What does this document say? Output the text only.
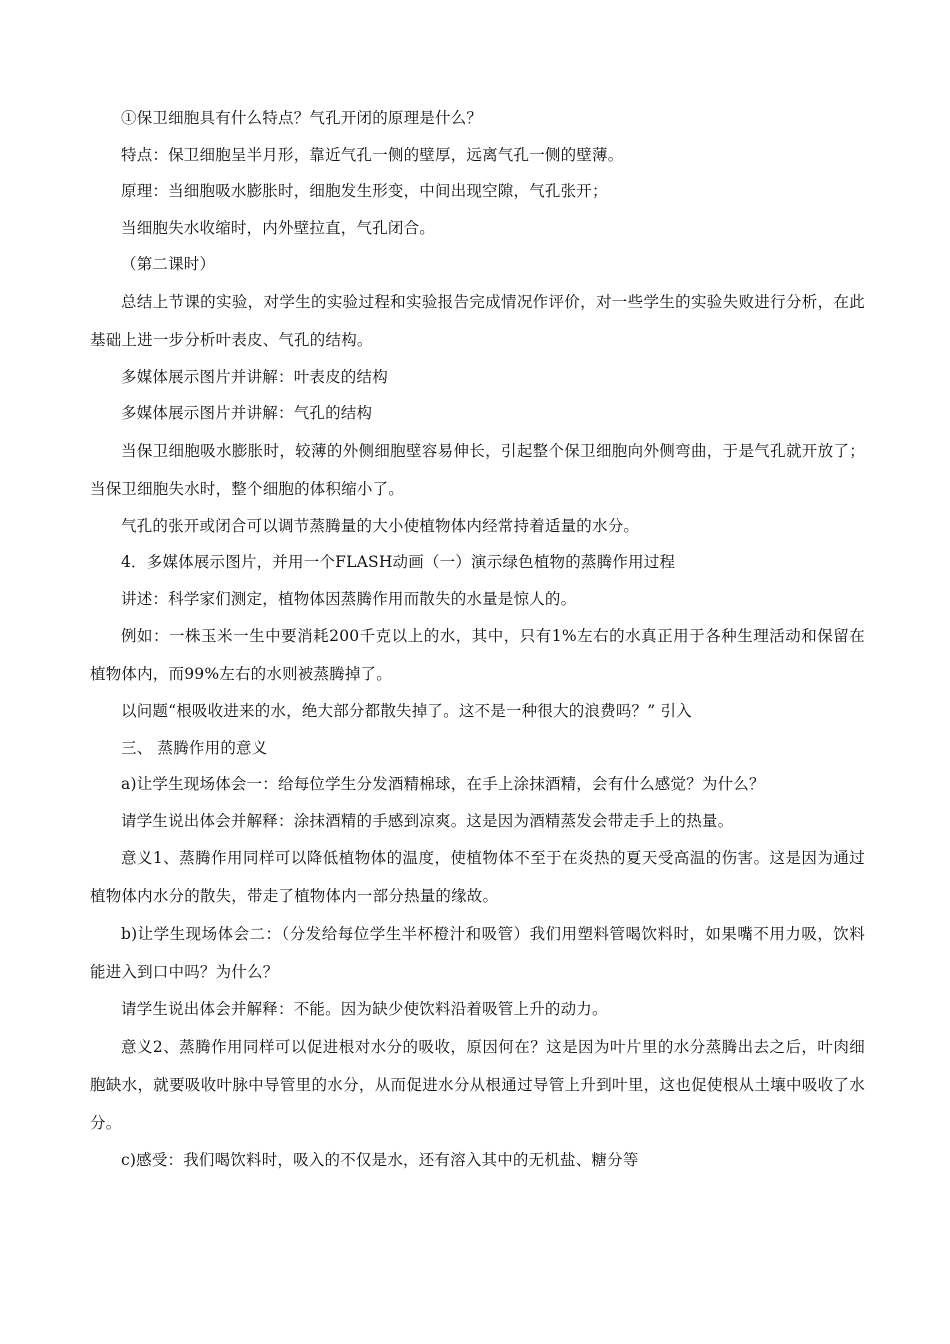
①保卫细胞具有什么特点？气孔开闭的原理是什么？

特点：保卫细胞呈半月形，靠近气孔一侧的壁厚，远离气孔一侧的壁薄。

原理：当细胞吸水膨胀时，细胞发生形变，中间出现空隙，气孔张开；

当细胞失水收缩时，内外壁拉直，气孔闭合。

（第二课时）

总结上节课的实验，对学生的实验过程和实验报告完成情况作评价，对一些学生的实验失败进行分析，在此基础上进一步分析叶表皮、气孔的结构。

多媒体展示图片并讲解：叶表皮的结构

多媒体展示图片并讲解：气孔的结构

当保卫细胞吸水膨胀时，较薄的外侧细胞壁容易伸长，引起整个保卫细胞向外侧弯曲，于是气孔就开放了；当保卫细胞失水时，整个细胞的体积缩小了。

气孔的张开或闭合可以调节蒸腾量的大小使植物体内经常持着适量的水分。

4．多媒体展示图片，并用一个FLASH动画（一）演示绿色植物的蒸腾作用过程

讲述：科学家们测定，植物体因蒸腾作用而散失的水量是惊人的。

例如：一株玉米一生中要消耗200千克以上的水，其中，只有1%左右的水真正用于各种生理活动和保留在植物体内，而99%左右的水则被蒸腾掉了。

以问题“根吸收进来的水，绝大部分都散失掉了。这不是一种很大的浪费吗？” 引入

三、 蒸腾作用的意义

a)让学生现场体会一：给每位学生分发酒精棉球，在手上涂抹酒精，会有什么感觉？为什么？

请学生说出体会并解释：涂抹酒精的手感到凉爽。这是因为酒精蒸发会带走手上的热量。

意义1、蒸腾作用同样可以降低植物体的温度，使植物体不至于在炎热的夏天受高温的伤害。这是因为通过植物体内水分的散失，带走了植物体内一部分热量的缘故。

b)让学生现场体会二：（分发给每位学生半杯橙汁和吸管）我们用塑料管喝饮料时，如果嘴不用力吸，饮料能进入到口中吗？为什么？

请学生说出体会并解释：不能。因为缺少使饮料沿着吸管上升的动力。

意义2、蒸腾作用同样可以促进根对水分的吸收，原因何在？这是因为叶片里的水分蒸腾出去之后，叶肉细胞缺水，就要吸收叶脉中导管里的水分，从而促进水分从根通过导管上升到叶里，这也促使根从土壤中吸收了水分。

c)感受：我们喝饮料时，吸入的不仅是水，还有溶入其中的无机盐、糖分等
